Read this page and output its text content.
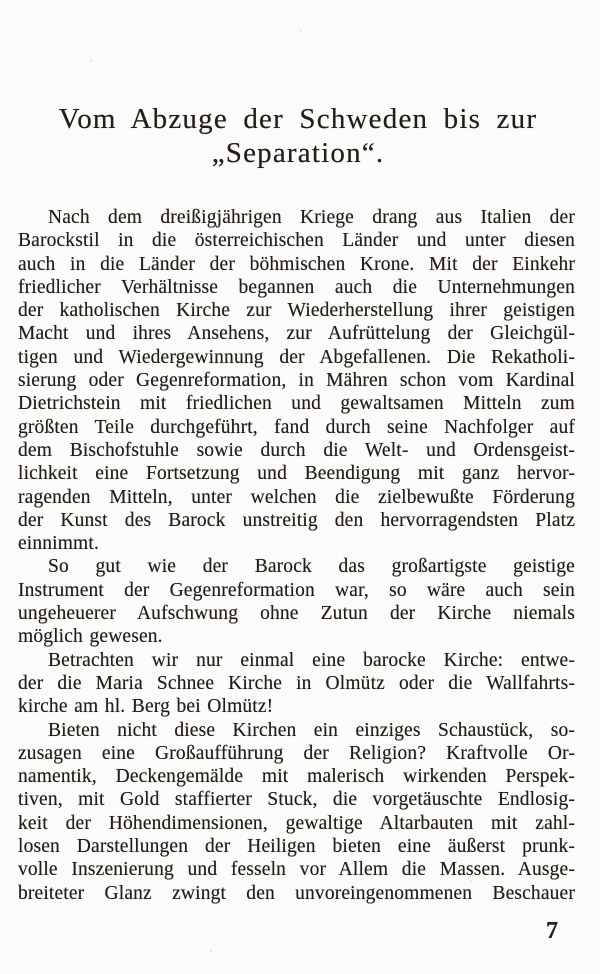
Vom Abzuge der Schweden bis zur
„Separation“.
Nach dem dreißigjährigen Kriege drang aus Italien der
Barockstil in die österreichischen Länder und unter diesen
auch in die Länder der böhmischen Krone. Mit der Einkehr
friedlicher Verhältnisse begannen auch die Unternehmungen
der katholischen Kirche zur Wiederherstellung ihrer geistigen
Macht und ihres Ansehens, zur Aufrüttelung der Gleichgül-
tigen und Wiedergewinnung der Abgefallenen. Die Rekatholi-
sierung oder Gegenreformation, in Mähren schon vom Kardinal
Dietrichstein mit friedlichen und gewaltsamen Mitteln zum
größten Teile durchgeführt, fand durch seine Nachfolger auf
dem Bischofstuhle sowie durch die Welt- und Ordensgeist-
lichkeit eine Fortsetzung und Beendigung mit ganz hervor-
ragenden Mitteln, unter welchen die zielbewußte Förderung
der Kunst des Barock unstreitig den hervorragendsten Platz
einnimmt.
So gut wie der Barock das großartigste geistige
Instrument der Gegenreformation war, so wäre auch sein
ungeheuerer Aufschwung ohne Zutun der Kirche niemals
möglich gewesen.
Betrachten wir nur einmal eine barocke Kirche: entwe-
der die Maria Schnee Kirche in Olmütz oder die Wallfahrts-
kirche am hl. Berg bei Olmütz!
Bieten nicht diese Kirchen ein einziges Schaustück, so-
zusagen eine Großaufführung der Religion? Kraftvolle Or-
namentik, Deckengemälde mit malerisch wirkenden Perspek-
tiven, mit Gold staffierter Stuck, die vorgetäuschte Endlosig-
keit der Höhendimensionen, gewaltige Altarbauten mit zahl-
losen Darstellungen der Heiligen bieten eine äußerst prunk-
volle Inszenierung und fesseln vor Allem die Massen. Ausge-
breiteter Glanz zwingt den unvoreingenommenen Beschauer
7
